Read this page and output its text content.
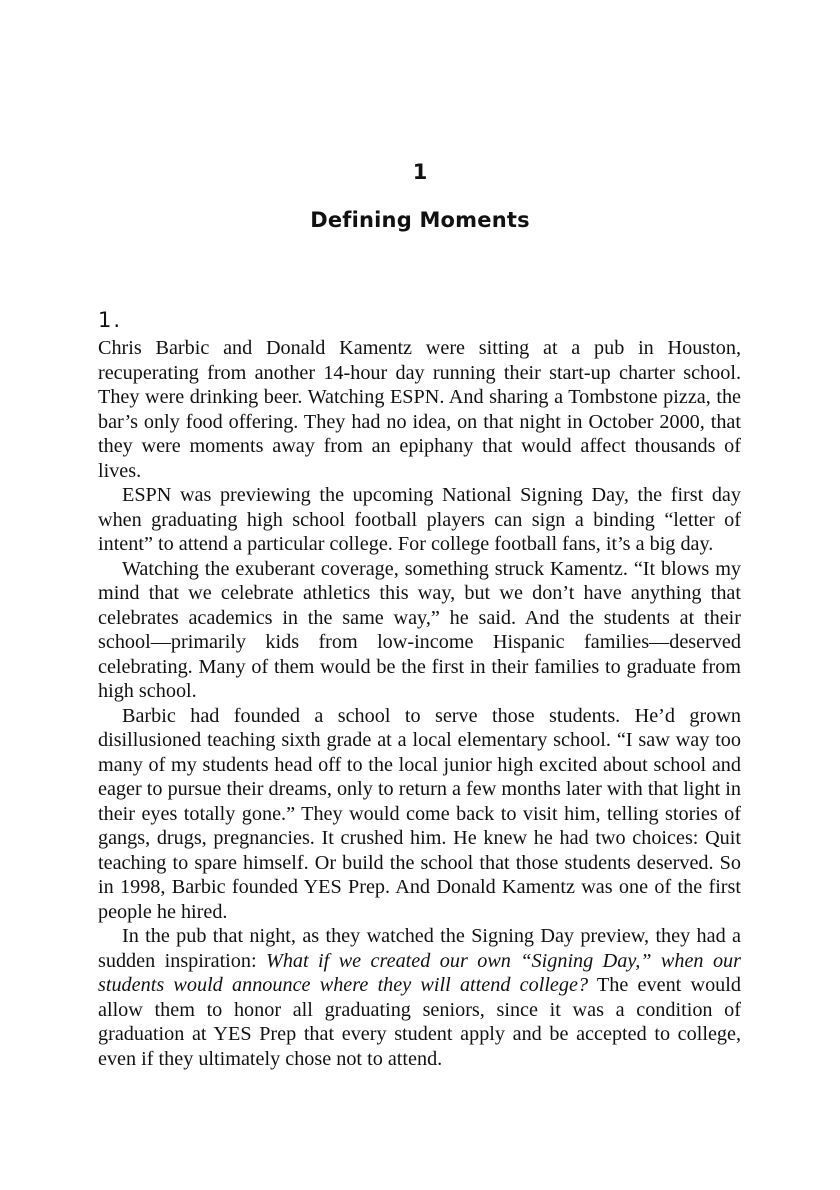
1
Defining Moments
1.

Chris Barbic and Donald Kamentz were sitting at a pub in Houston, recuperating from another 14-hour day running their start-up charter school. They were drinking beer. Watching ESPN. And sharing a Tombstone pizza, the bar’s only food offering. They had no idea, on that night in October 2000, that they were moments away from an epiphany that would affect thousands of lives.

ESPN was previewing the upcoming National Signing Day, the first day when graduating high school football players can sign a binding “letter of intent” to attend a particular college. For college football fans, it’s a big day.

Watching the exuberant coverage, something struck Kamentz. “It blows my mind that we celebrate athletics this way, but we don’t have anything that celebrates academics in the same way,” he said. And the students at their school—primarily kids from low-income Hispanic families—deserved celebrating. Many of them would be the first in their families to graduate from high school.

Barbic had founded a school to serve those students. He’d grown disillusioned teaching sixth grade at a local elementary school. “I saw way too many of my students head off to the local junior high excited about school and eager to pursue their dreams, only to return a few months later with that light in their eyes totally gone.” They would come back to visit him, telling stories of gangs, drugs, pregnancies. It crushed him. He knew he had two choices: Quit teaching to spare himself. Or build the school that those students deserved. So in 1998, Barbic founded YES Prep. And Donald Kamentz was one of the first people he hired.

In the pub that night, as they watched the Signing Day preview, they had a sudden inspiration: What if we created our own “Signing Day,” when our students would announce where they will attend college? The event would allow them to honor all graduating seniors, since it was a condition of graduation at YES Prep that every student apply and be accepted to college, even if they ultimately chose not to attend.
